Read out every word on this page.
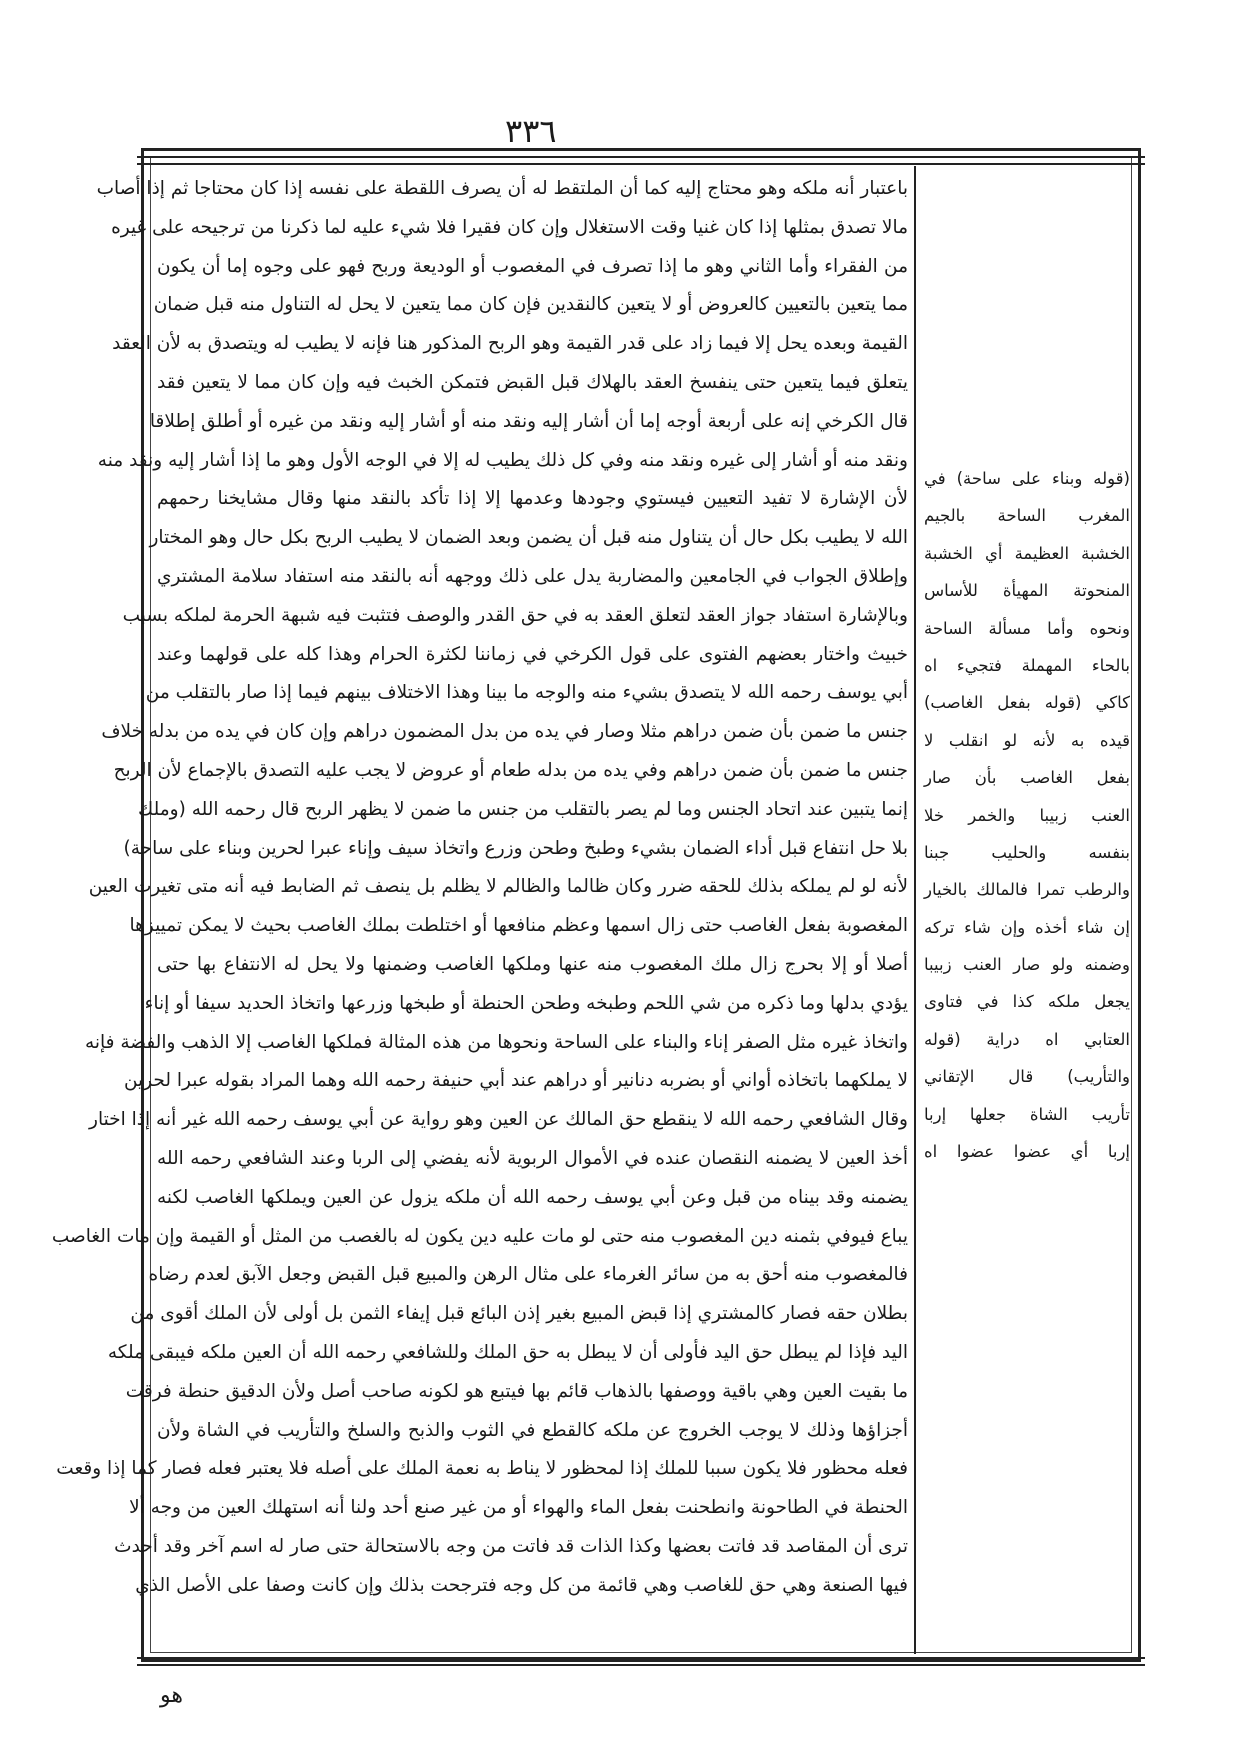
٣٣٦
باعتبار أنه ملكه وهو محتاج إليه كما أن الملتقط له أن يصرف اللقطة على نفسه إذا كان محتاجا ثم إذا أصاب
مالا تصدق بمثلها إذا كان غنيا وقت الاستغلال وإن كان فقيرا فلا شيء عليه لما ذكرنا من ترجيحه على غيره
من الفقراء وأما الثاني وهو ما إذا تصرف في المغصوب أو الوديعة وربح فهو على وجوه إما أن يكون
مما يتعين بالتعيين كالعروض أو لا يتعين كالنقدين فإن كان مما يتعين لا يحل له التناول منه قبل ضمان
القيمة وبعده يحل إلا فيما زاد على قدر القيمة وهو الربح المذكور هنا فإنه لا يطيب له ويتصدق به لأن العقد
يتعلق فيما يتعين حتى ينفسخ العقد بالهلاك قبل القبض فتمكن الخبث فيه وإن كان مما لا يتعين فقد
قال الكرخي إنه على أربعة أوجه إما أن أشار إليه ونقد منه أو أشار إليه ونقد من غيره أو أطلق إطلاقا
ونقد منه أو أشار إلى غيره ونقد منه وفي كل ذلك يطيب له إلا في الوجه الأول وهو ما إذا أشار إليه ونقد منه
لأن الإشارة لا تفيد التعيين فيستوي وجودها وعدمها إلا إذا تأكد بالنقد منها وقال مشايخنا رحمهم
الله لا يطيب بكل حال أن يتناول منه قبل أن يضمن وبعد الضمان لا يطيب الربح بكل حال وهو المختار
وإطلاق الجواب في الجامعين والمضاربة يدل على ذلك ووجهه أنه بالنقد منه استفاد سلامة المشتري
وبالإشارة استفاد جواز العقد لتعلق العقد به في حق القدر والوصف فتثبت فيه شبهة الحرمة لملكه بسبب
خبيث واختار بعضهم الفتوى على قول الكرخي في زماننا لكثرة الحرام وهذا كله على قولهما وعند
أبي يوسف رحمه الله لا يتصدق بشيء منه والوجه ما بينا وهذا الاختلاف بينهم فيما إذا صار بالتقلب من
جنس ما ضمن بأن ضمن دراهم مثلا وصار في يده من بدل المضمون دراهم وإن كان في يده من بدله خلاف
جنس ما ضمن بأن ضمن دراهم وفي يده من بدله طعام أو عروض لا يجب عليه التصدق بالإجماع لأن الربح
إنما يتبين عند اتحاد الجنس وما لم يصر بالتقلب من جنس ما ضمن لا يظهر الربح قال رحمه الله (وملك
بلا حل انتفاع قبل أداء الضمان بشيء وطبخ وطحن وزرع واتخاذ سيف وإناء عبرا لحرين وبناء على ساحة)
لأنه لو لم يملكه بذلك للحقه ضرر وكان ظالما والظالم لا يظلم بل ينصف ثم الضابط فيه أنه متى تغيرت العين
المغصوبة بفعل الغاصب حتى زال اسمها وعظم منافعها أو اختلطت بملك الغاصب بحيث لا يمكن تمييزها
أصلا أو إلا بحرج زال ملك المغصوب منه عنها وملكها الغاصب وضمنها ولا يحل له الانتفاع بها حتى
يؤدي بدلها وما ذكره من شي اللحم وطبخه وطحن الحنطة أو طبخها وزرعها واتخاذ الحديد سيفا أو إناء
واتخاذ غيره مثل الصفر إناء والبناء على الساحة ونحوها من هذه المثالة فملكها الغاصب إلا الذهب والفضة فإنه
لا يملكهما باتخاذه أواني أو بضربه دنانير أو دراهم عند أبي حنيفة رحمه الله وهما المراد بقوله عبرا لحرين
وقال الشافعي رحمه الله لا ينقطع حق المالك عن العين وهو رواية عن أبي يوسف رحمه الله غير أنه إذا اختار
أخذ العين لا يضمنه النقصان عنده في الأموال الربوية لأنه يفضي إلى الربا وعند الشافعي رحمه الله
يضمنه وقد بيناه من قبل وعن أبي يوسف رحمه الله أن ملكه يزول عن العين ويملكها الغاصب لكنه
يباع فيوفي بثمنه دين المغصوب منه حتى لو مات عليه دين يكون له بالغصب من المثل أو القيمة وإن مات الغاصب
فالمغصوب منه أحق به من سائر الغرماء على مثال الرهن والمبيع قبل القبض وجعل الآبق لعدم رضاه
بطلان حقه فصار كالمشتري إذا قبض المبيع بغير إذن البائع قبل إيفاء الثمن بل أولى لأن الملك أقوى من
اليد فإذا لم يبطل حق اليد فأولى أن لا يبطل به حق الملك وللشافعي رحمه الله أن العين ملكه فيبقى ملكه
ما بقيت العين وهي باقية ووصفها بالذهاب قائم بها فيتبع هو لكونه صاحب أصل ولأن الدقيق حنطة فرقت
أجزاؤها وذلك لا يوجب الخروج عن ملكه كالقطع في الثوب والذبح والسلخ والتأريب في الشاة ولأن
فعله محظور فلا يكون سببا للملك إذا لمحظور لا يناط به نعمة الملك على أصله فلا يعتبر فعله فصار كما إذا وقعت
الحنطة في الطاحونة وانطحنت بفعل الماء والهواء أو من غير صنع أحد ولنا أنه استهلك العين من وجه ألا
ترى أن المقاصد قد فاتت بعضها وكذا الذات قد فاتت من وجه بالاستحالة حتى صار له اسم آخر وقد أحدث
فيها الصنعة وهي حق للغاصب وهي قائمة من كل وجه فترجحت بذلك وإن كانت وصفا على الأصل الذي
(قوله وبناء على ساحة) في
المغرب الساحة بالجيم
الخشبة العظيمة أي الخشبة
المنحوتة المهيأة للأساس
ونحوه وأما مسألة الساحة
بالحاء المهملة فتجيء اه
كاكي (قوله بفعل الغاصب)
قيده به لأنه لو انقلب لا
بفعل الغاصب بأن صار
العنب زبيبا والخمر خلا
بنفسه والحليب جبنا
والرطب تمرا فالمالك بالخيار
إن شاء أخذه وإن شاء تركه
وضمنه ولو صار العنب زبيبا
يجعل ملكه كذا في فتاوى
العتابي اه دراية (قوله
والتأريب) قال الإتقاني
تأريب الشاة جعلها إربا
إربا أي عضوا عضوا اه
هو
